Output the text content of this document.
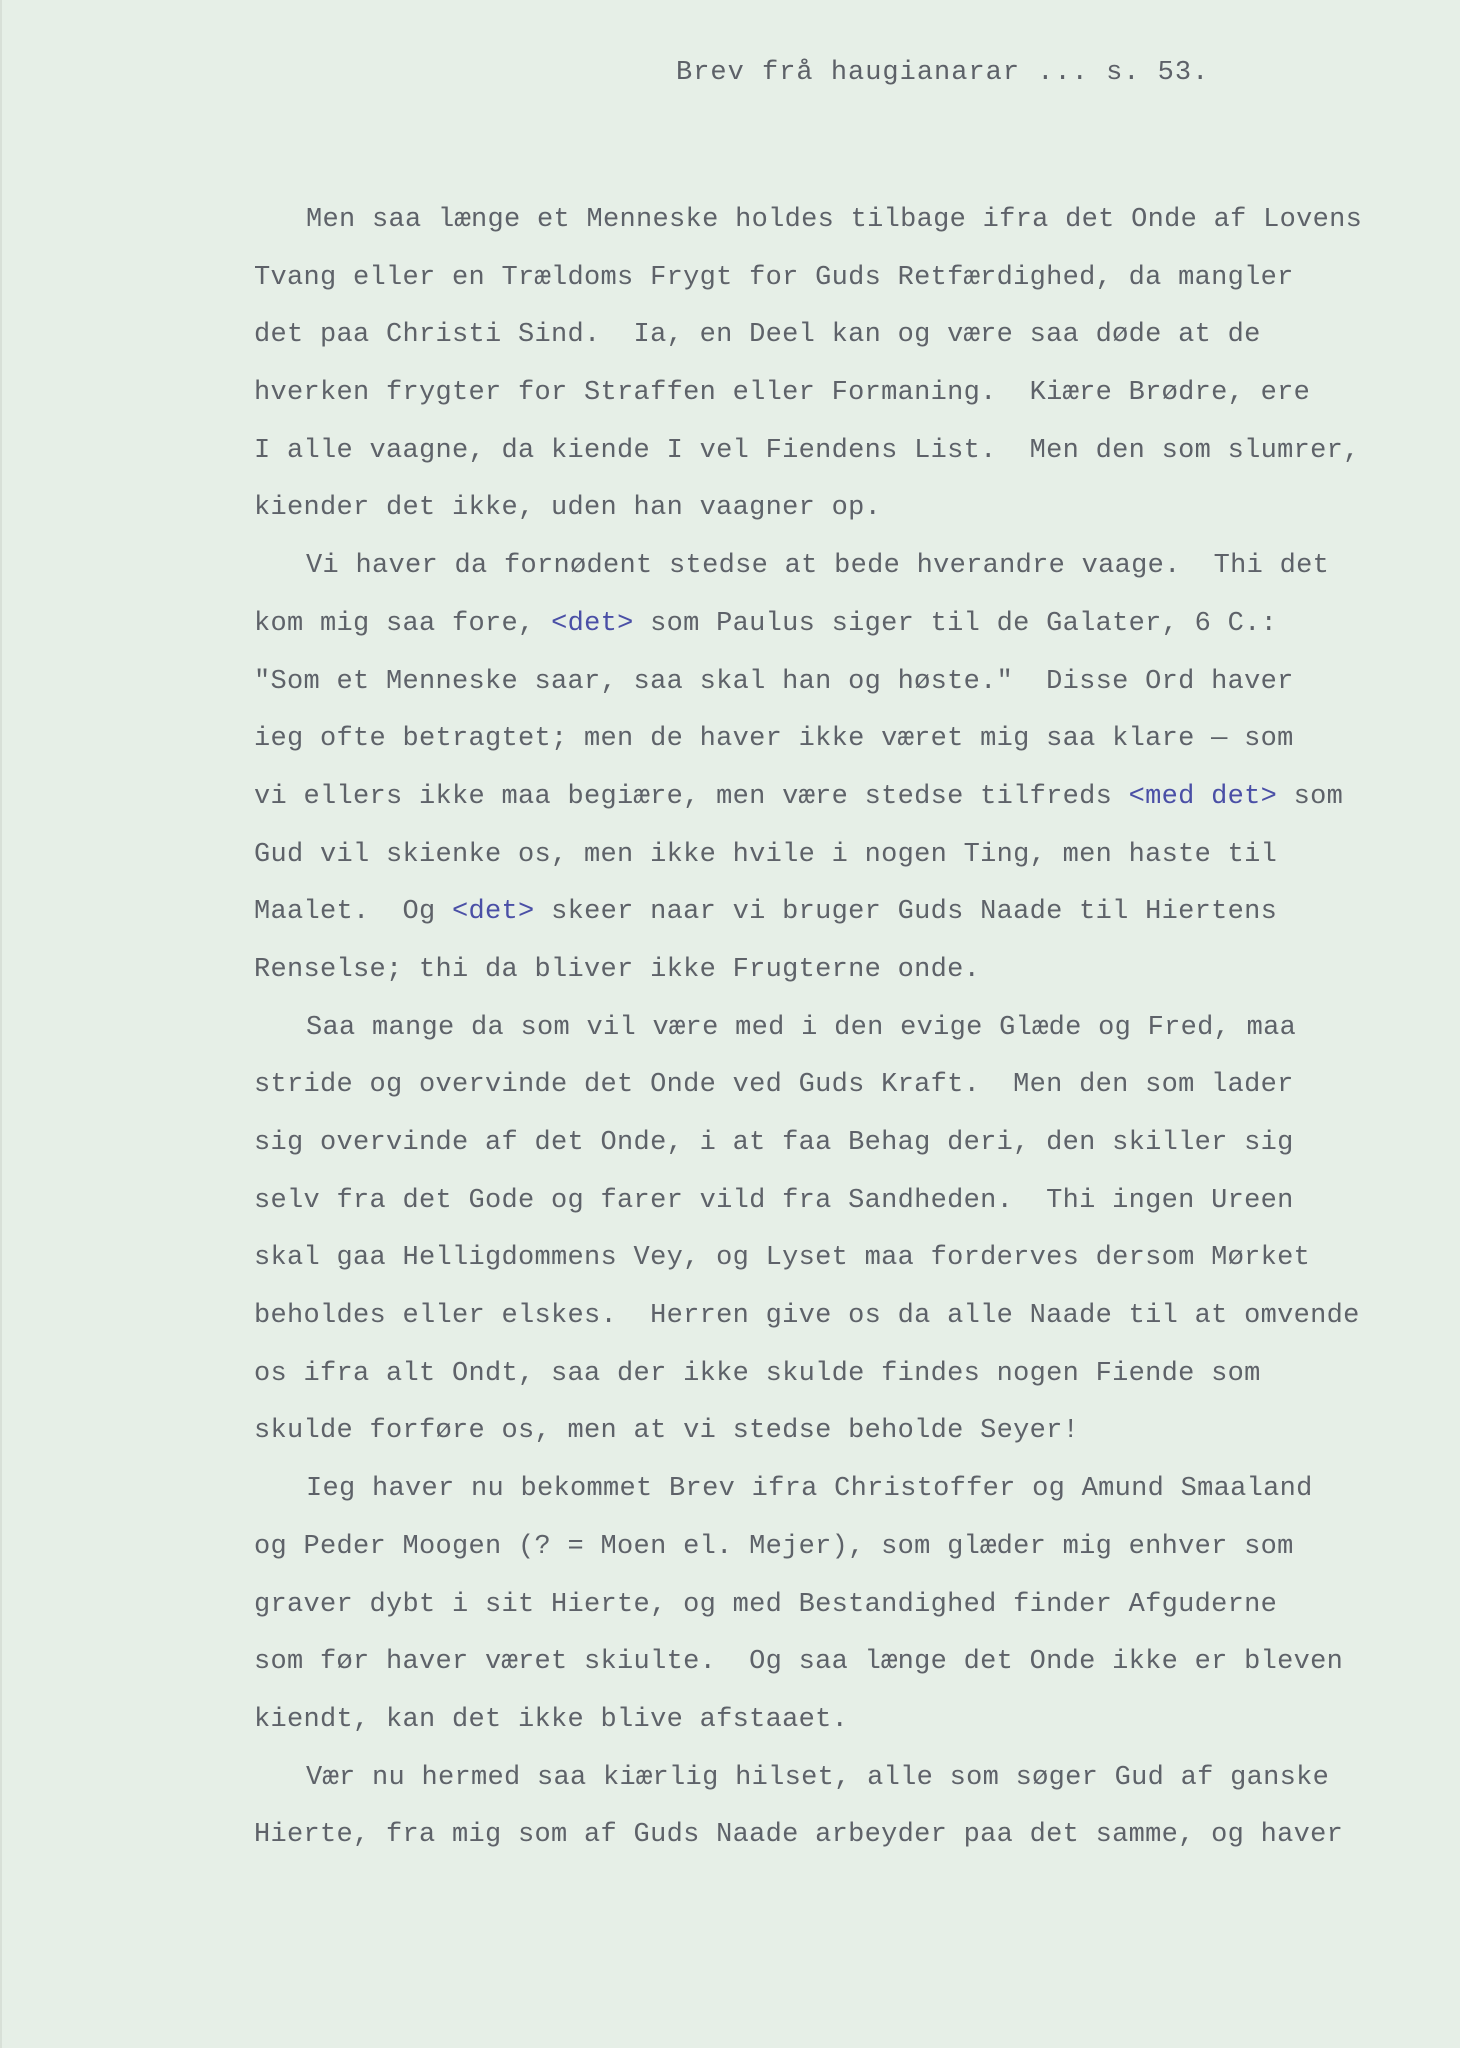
Brev frå haugianarar ... s. 53.
Men saa længe et Menneske holdes tilbage ifra det Onde af Lovens
Tvang eller en Trældoms Frygt for Guds Retfærdighed, da mangler
det paa Christi Sind.  Ia, en Deel kan og være saa døde at de
hverken frygter for Straffen eller Formaning.  Kiære Brødre, ere
I alle vaagne, da kiende I vel Fiendens List.  Men den som slumrer,
kiender det ikke, uden han vaagner op.
Vi haver da fornødent stedse at bede hverandre vaage.  Thi det
kom mig saa fore, <det> som Paulus siger til de Galater, 6 C.:
"Som et Menneske saar, saa skal han og høste."  Disse Ord haver
ieg ofte betragtet; men de haver ikke været mig saa klare — som
vi ellers ikke maa begiære, men være stedse tilfreds <med det> som
Gud vil skienke os, men ikke hvile i nogen Ting, men haste til
Maalet.  Og <det> skeer naar vi bruger Guds Naade til Hiertens
Renselse; thi da bliver ikke Frugterne onde.
Saa mange da som vil være med i den evige Glæde og Fred, maa
stride og overvinde det Onde ved Guds Kraft.  Men den som lader
sig overvinde af det Onde, i at faa Behag deri, den skiller sig
selv fra det Gode og farer vild fra Sandheden.  Thi ingen Ureen
skal gaa Helligdommens Vey, og Lyset maa forderves dersom Mørket
beholdes eller elskes.  Herren give os da alle Naade til at omvende
os ifra alt Ondt, saa der ikke skulde findes nogen Fiende som
skulde forføre os, men at vi stedse beholde Seyer!
Ieg haver nu bekommet Brev ifra Christoffer og Amund Smaaland
og Peder Moogen (? = Moen el. Mejer), som glæder mig enhver som
graver dybt i sit Hierte, og med Bestandighed finder Afguderne
som før haver været skiulte.  Og saa længe det Onde ikke er bleven
kiendt, kan det ikke blive afstaaet.
Vær nu hermed saa kiærlig hilset, alle som søger Gud af ganske
Hierte, fra mig som af Guds Naade arbeyder paa det samme, og haver
